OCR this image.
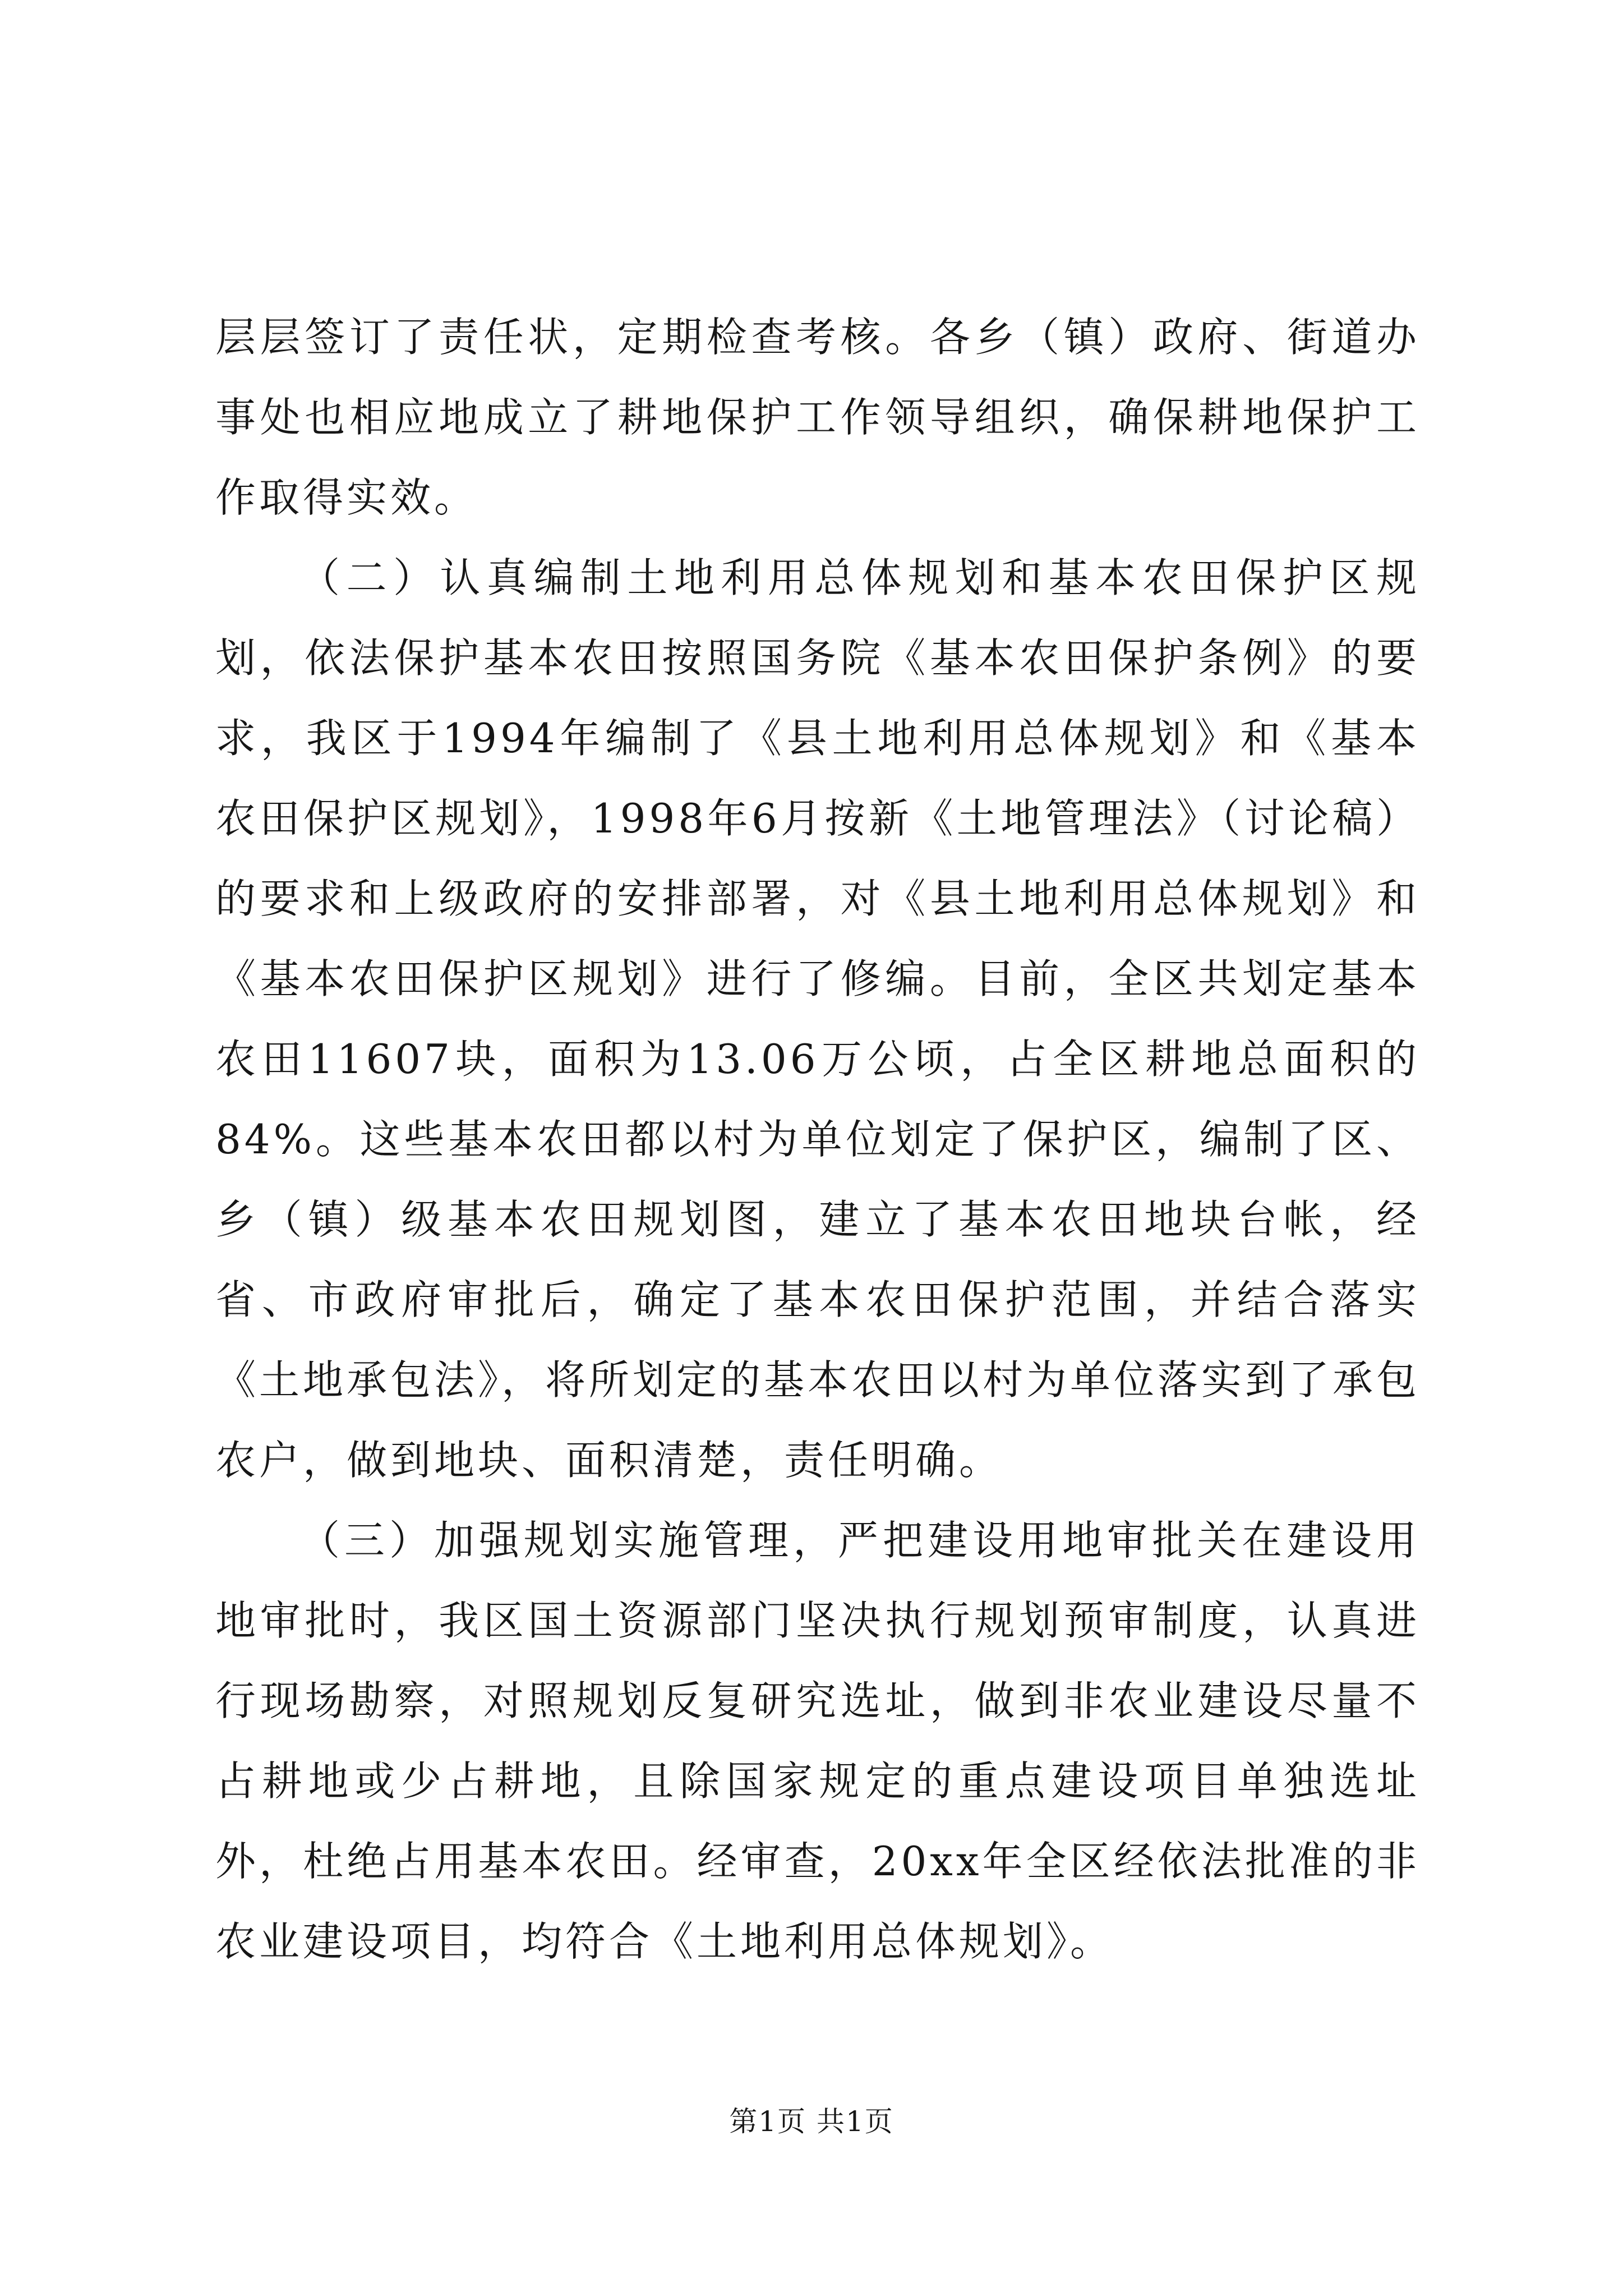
层层签订了责任状，定期检查考核。各乡（镇）政府、街道办事处也相应地成立了耕地保护工作领导组织，确保耕地保护工作取得实效。

（二）认真编制土地利用总体规划和基本农田保护区规划，依法保护基本农田按照国务院《基本农田保护条例》的要求，我区于1994年编制了《县土地利用总体规划》和《基本农田保护区规划》，1998年6月按新《土地管理法》（讨论稿）的要求和上级政府的安排部署，对《县土地利用总体规划》和《基本农田保护区规划》进行了修编。目前，全区共划定基本农田11607块，面积为13.06万公顷，占全区耕地总面积的84%。这些基本农田都以村为单位划定了保护区，编制了区、乡（镇）级基本农田规划图，建立了基本农田地块台帐，经省、市政府审批后，确定了基本农田保护范围，并结合落实《土地承包法》，将所划定的基本农田以村为单位落实到了承包农户，做到地块、面积清楚，责任明确。

（三）加强规划实施管理，严把建设用地审批关在建设用地审批时，我区国土资源部门坚决执行规划预审制度，认真进行现场勘察，对照规划反复研究选址，做到非农业建设尽量不占耕地或少占耕地，且除国家规定的重点建设项目单独选址外，杜绝占用基本农田。经审查，20xx年全区经依法批准的非农业建设项目，均符合《土地利用总体规划》。

第1页 共1页
